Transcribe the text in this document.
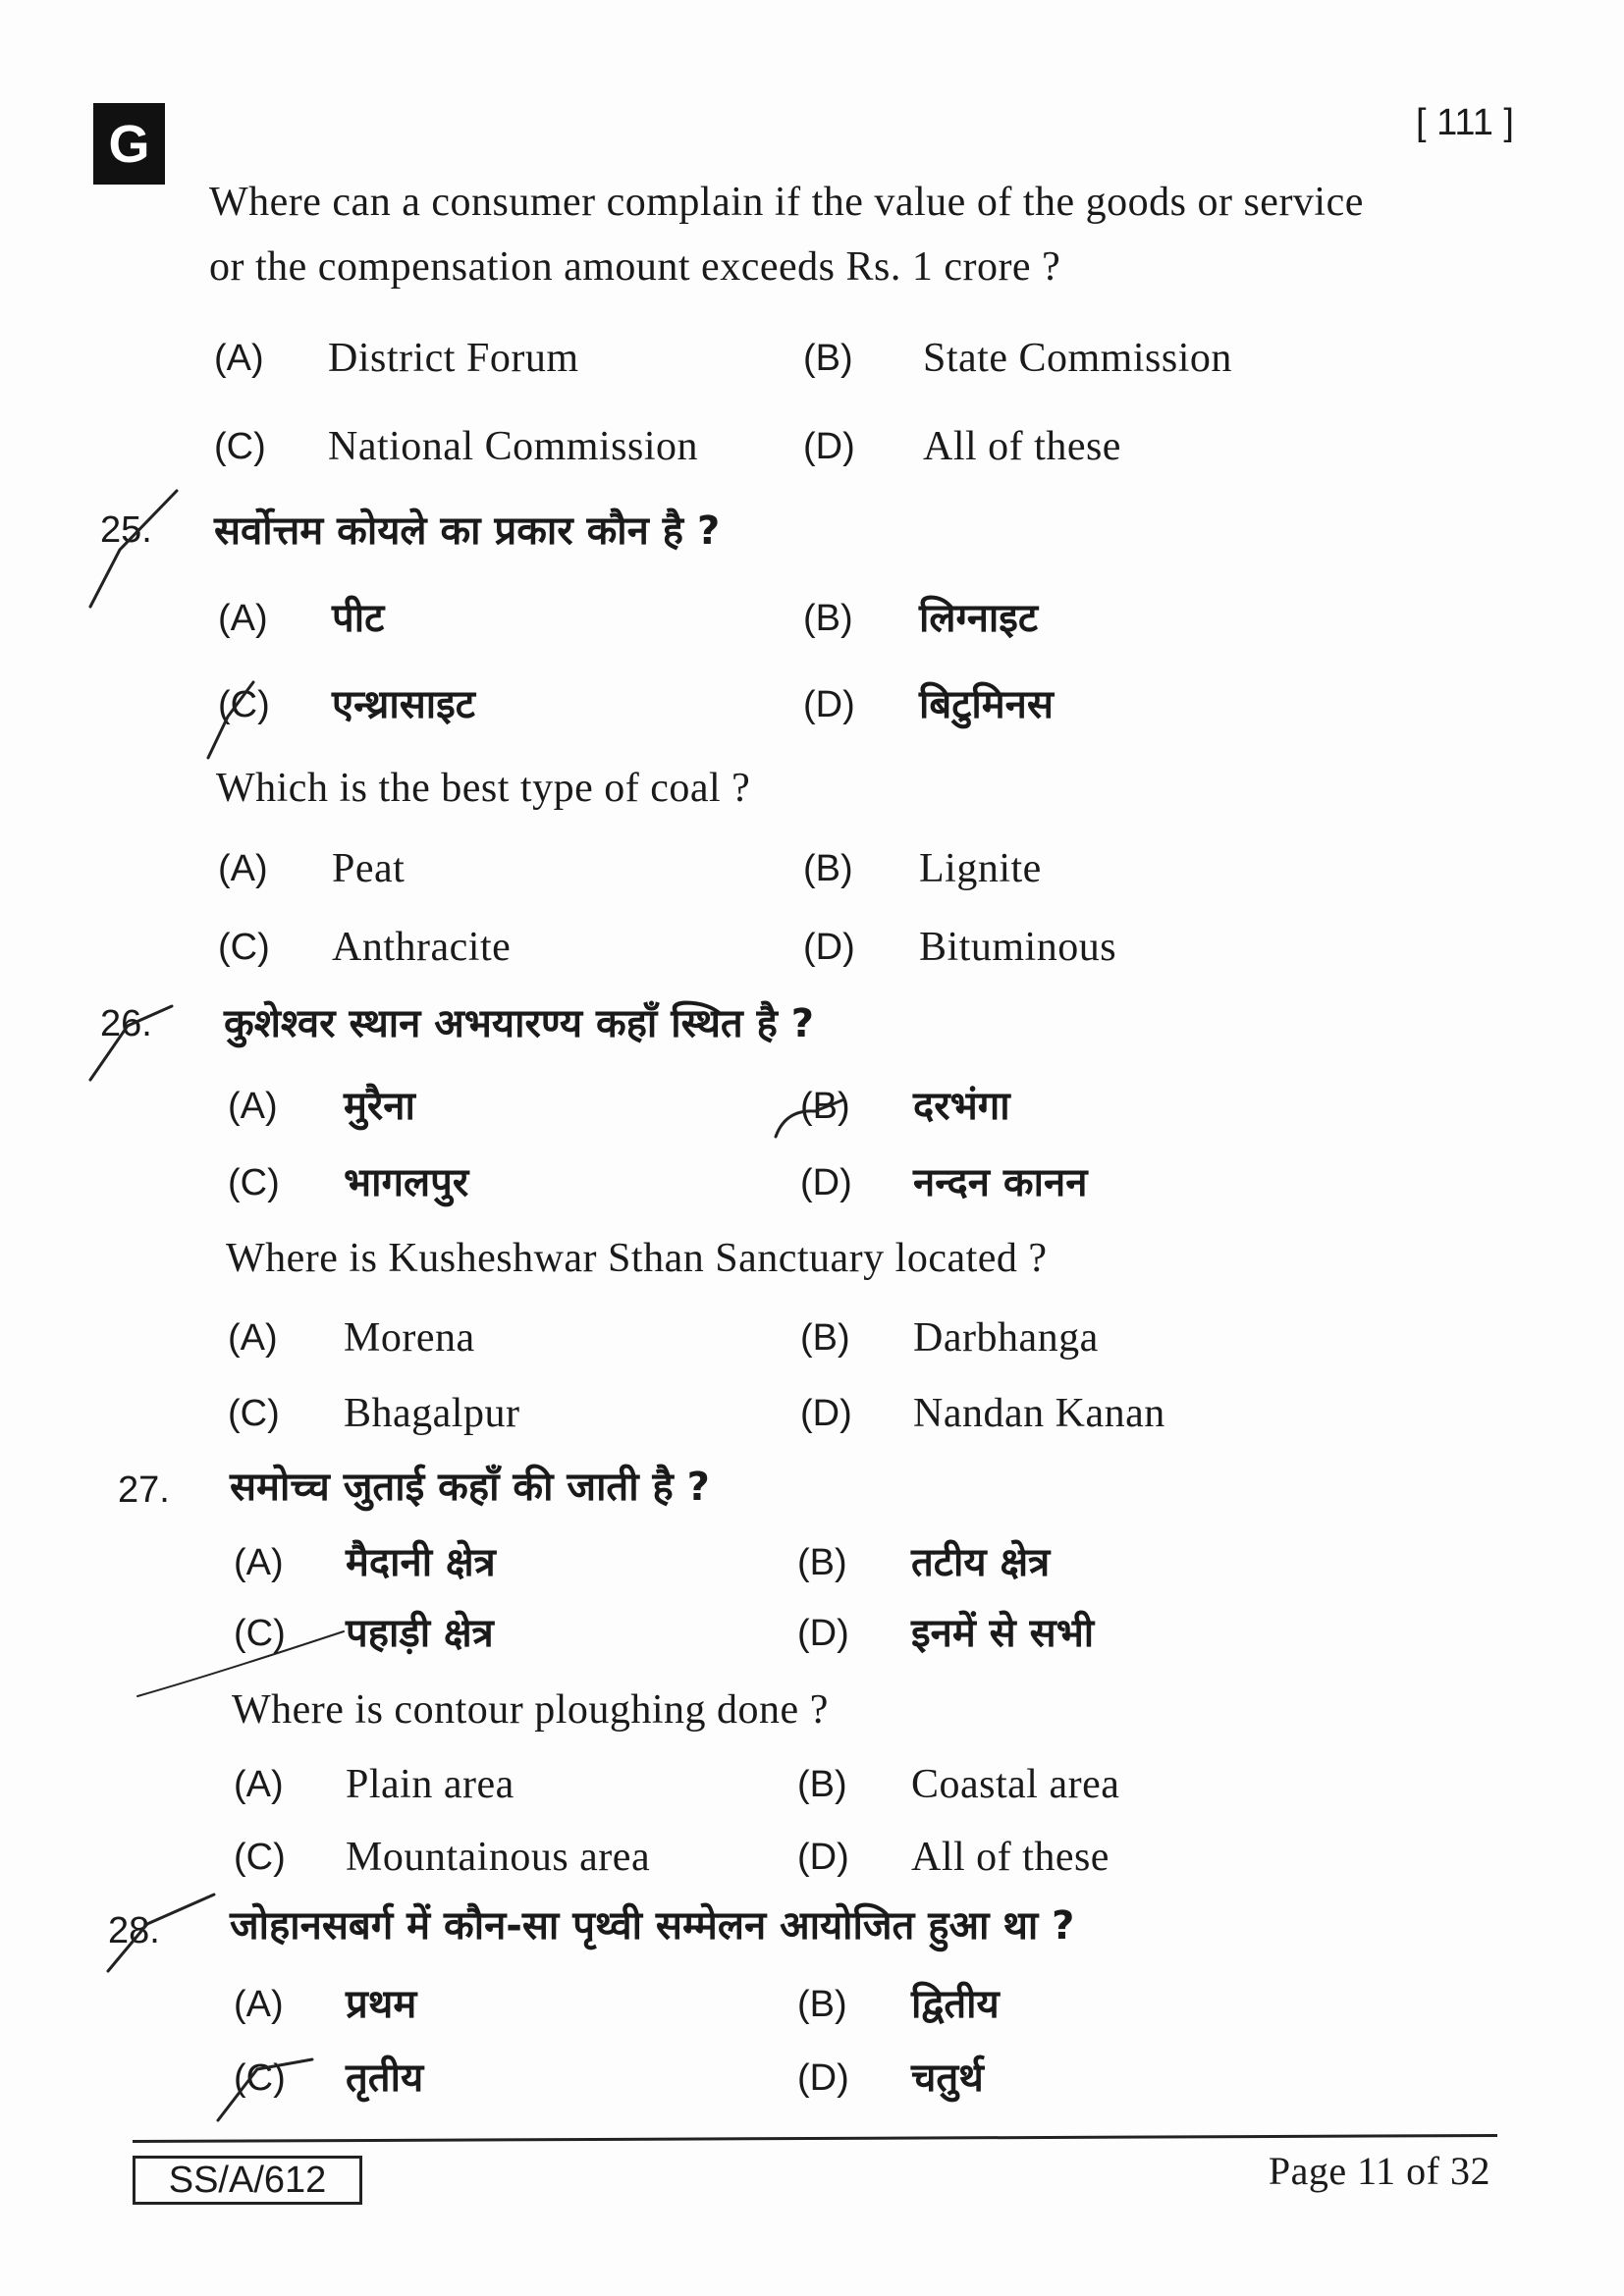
G	[ 111 ]
Where can a consumer complain if the value of the goods or service
or the compensation amount exceeds Rs. 1 crore ?
(A) District Forum	(B) State Commission
(C) National Commission	(D) All of these
25. सर्वोत्तम कोयले का प्रकार कौन है ?
(A) पीट	(B) लिग्नाइट
(C) एन्थ्रासाइट	(D) बिटुमिनस
Which is the best type of coal ?
(A) Peat	(B) Lignite
(C) Anthracite	(D) Bituminous
26. कुशेश्वर स्थान अभयारण्य कहाँ स्थित है ?
(A) मुरैना	(B) दरभंगा
(C) भागलपुर	(D) नन्दन कानन
Where is Kusheshwar Sthan Sanctuary located ?
(A) Morena	(B) Darbhanga
(C) Bhagalpur	(D) Nandan Kanan
27. समोच्च जुताई कहाँ की जाती है ?
(A) मैदानी क्षेत्र	(B) तटीय क्षेत्र
(C) पहाड़ी क्षेत्र	(D) इनमें से सभी
Where is contour ploughing done ?
(A) Plain area	(B) Coastal area
(C) Mountainous area	(D) All of these
28. जोहानसबर्ग में कौन-सा पृथ्वी सम्मेलन आयोजित हुआ था ?
(A) प्रथम	(B) द्वितीय
(C) तृतीय	(D) चतुर्थ
SS/A/612	Page 11 of 32
